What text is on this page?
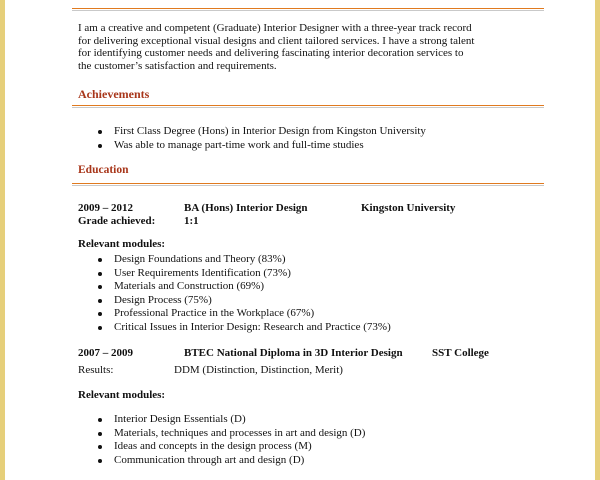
I am a creative and competent (Graduate) Interior Designer with a three-year track record for delivering exceptional visual designs and client tailored services. I have a strong talent for identifying customer needs and delivering fascinating interior decoration services to the customer’s satisfaction and requirements.
Achievements
First Class Degree (Hons) in Interior Design from Kingston University
Was able to manage part-time work and full-time studies
Education
2009 – 2012	BA (Hons) Interior Design	Kingston University
Grade achieved:	1:1
Relevant modules:
Design Foundations and Theory (83%)
User Requirements Identification (73%)
Materials and Construction (69%)
Design Process (75%)
Professional Practice in the Workplace (67%)
Critical Issues in Interior Design: Research and Practice (73%)
2007 – 2009	BTEC National Diploma in 3D Interior Design	SST College
Results:	DDM (Distinction, Distinction, Merit)
Relevant modules:
Interior Design Essentials (D)
Materials, techniques and processes in art and design (D)
Ideas and concepts in the design process (M)
Communication through art and design (D)
